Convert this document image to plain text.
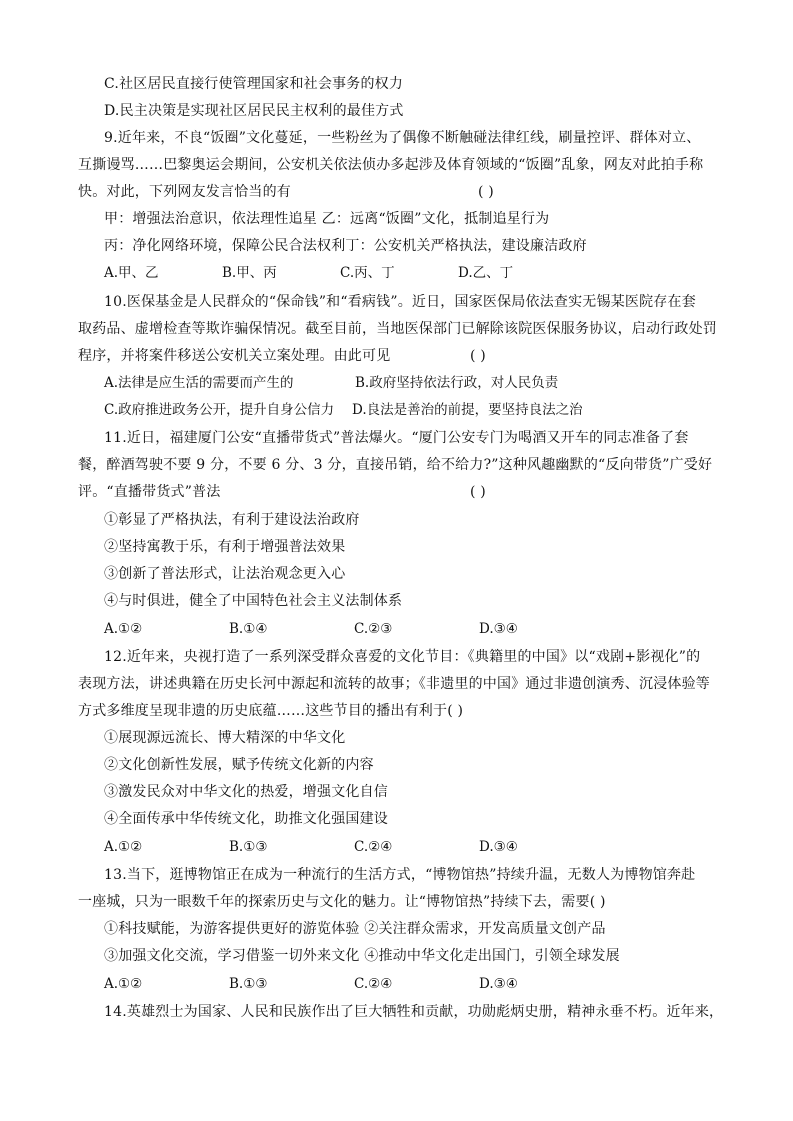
C.社区居民直接行使管理国家和社会事务的权力
D.民主决策是实现社区居民民主权利的最佳方式
9.近年来，不良“饭圈”文化蔓延，一些粉丝为了偶像不断触碰法律红线，刷量控评、群体对立、
互撕谩骂……巴黎奥运会期间，公安机关依法侦办多起涉及体育领域的“饭圈”乱象，网友对此拍手称
快。对此，下列网友发言恰当的有	( )
甲：增强法治意识，依法理性追星 乙：远离“饭圈”文化，抵制追星行为
丙：净化网络环境，保障公民合法权利丁：公安机关严格执法，建设廉洁政府
A.甲、乙	B.甲、丙	C.丙、丁	D.乙、丁
10.医保基金是人民群众的“保命钱”和“看病钱”。近日，国家医保局依法查实无锡某医院存在套
取药品、虚增检查等欺诈骗保情况。截至目前，当地医保部门已解除该院医保服务协议，启动行政处罚
程序，并将案件移送公安机关立案处理。由此可见	( )
A.法律是应生活的需要而产生的	B.政府坚持依法行政，对人民负责
C.政府推进政务公开，提升自身公信力 D.良法是善治的前提，要坚持良法之治
11.近日，福建厦门公安“直播带货式”普法爆火。“厦门公安专门为喝酒又开车的同志准备了套
餐，醉酒驾驶不要 9 分，不要 6 分、3 分，直接吊销，给不给力?”这种风趣幽默的“反向带货”广受好
评。“直播带货式”普法	( )
①彰显了严格执法，有利于建设法治政府
②坚持寓教于乐，有利于增强普法效果
③创新了普法形式，让法治观念更入心
④与时俱进，健全了中国特色社会主义法制体系
A.①②	B.①④	C.②③	D.③④
12.近年来，央视打造了一系列深受群众喜爱的文化节目：《典籍里的中国》以“戏剧+影视化”的
表现方法，讲述典籍在历史长河中源起和流转的故事；《非遗里的中国》通过非遗创演秀、沉浸体验等
方式多维度呈现非遗的历史底蕴……这些节目的播出有利于( )
①展现源远流长、博大精深的中华文化
②文化创新性发展，赋予传统文化新的内容
③激发民众对中华文化的热爱，增强文化自信
④全面传承中华传统文化，助推文化强国建设
A.①②	B.①③	C.②④	D.③④
13.当下，逛博物馆正在成为一种流行的生活方式，“博物馆热”持续升温，无数人为博物馆奔赴
一座城，只为一眼数千年的探索历史与文化的魅力。让“博物馆热”持续下去，需要( )
①科技赋能，为游客提供更好的游览体验 ②关注群众需求，开发高质量文创产品
③加强文化交流，学习借鉴一切外来文化 ④推动中华文化走出国门，引领全球发展
A.①②	B.①③	C.②④	D.③④
14.英雄烈士为国家、人民和民族作出了巨大牺牲和贡献，功勋彪炳史册，精神永垂不朽。近年来，
